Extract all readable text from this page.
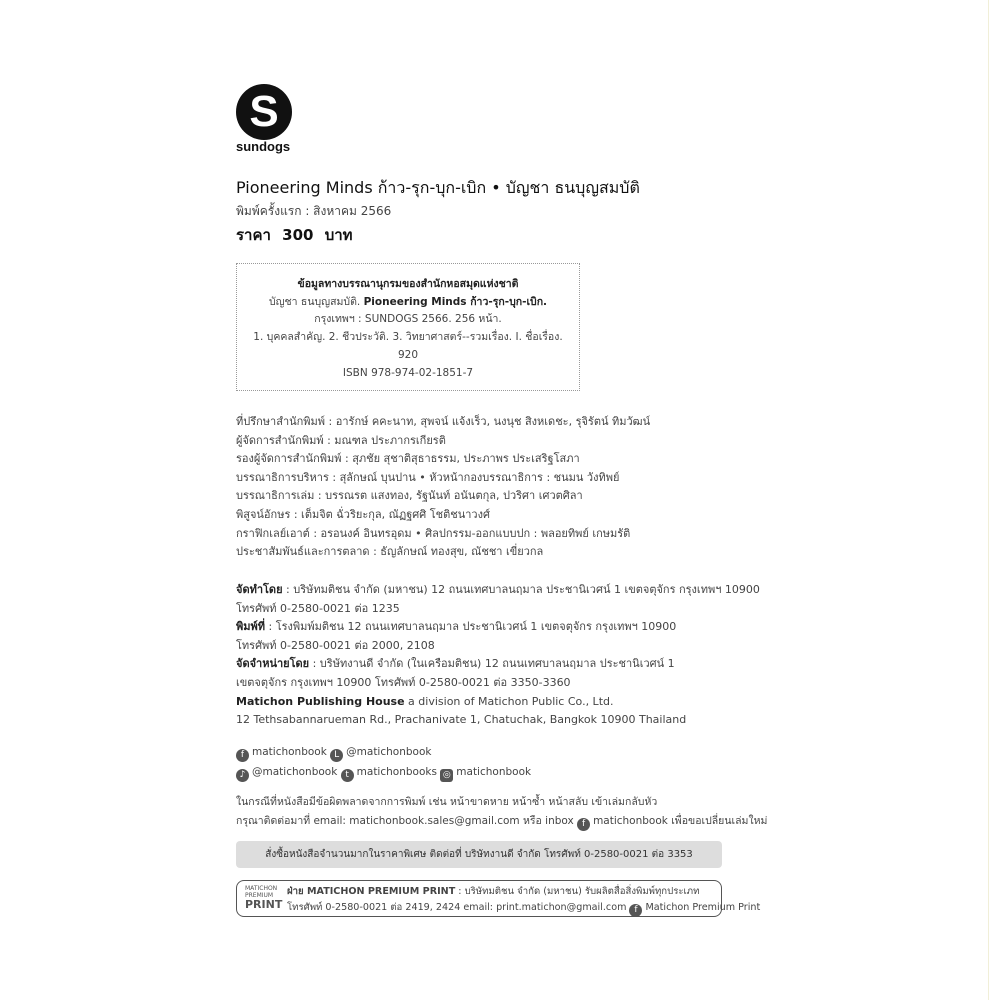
S
sundogs
Pioneering Minds ก้าว-รุก-บุก-เบิก • บัญชา ธนบุญสมบัติ
พิมพ์ครั้งแรก : สิงหาคม 2566
ราคา 300 บาท
ข้อมูลทางบรรณานุกรมของสำนักหอสมุดแห่งชาติ
บัญชา ธนบุญสมบัติ. Pioneering Minds ก้าว-รุก-บุก-เบิก.
กรุงเทพฯ : SUNDOGS 2566. 256 หน้า.
1. บุคคลสำคัญ. 2. ชีวประวัติ. 3. วิทยาศาสตร์--รวมเรื่อง. I. ชื่อเรื่อง.
920
ISBN 978-974-02-1851-7
ที่ปรึกษาสำนักพิมพ์ : อารักษ์ คคะนาท, สุพจน์ แจ้งเร็ว, นงนุช สิงหเดชะ, รุจิรัตน์ ทิมวัฒน์
ผู้จัดการสำนักพิมพ์ : มณฑล ประภากรเกียรติ
รองผู้จัดการสำนักพิมพ์ : สุภชัย สุชาติสุธาธรรม, ประภาพร ประเสริฐโสภา
บรรณาธิการบริหาร : สุลักษณ์ บุนปาน • หัวหน้ากองบรรณาธิการ : ชนมน วังทิพย์
บรรณาธิการเล่ม : บรรณรต แสงทอง, รัฐนันท์ อนันตกุล, ปวริศา เศวตศิลา
พิสูจน์อักษร : เต็มจิต ฉั่วริยะกุล, ณัฏฐศศิ โชติชนาวงศ์
กราฟิกเลย์เอาต์ : อรอนงค์ อินทรอุดม • ศิลปกรรม-ออกแบบปก : พลอยทิพย์ เกษมรัติ
ประชาสัมพันธ์และการตลาด : ธัญลักษณ์ ทองสุข, ณัชชา เขี่ยวกล
จัดทำโดย : บริษัทมติชน จำกัด (มหาชน) 12 ถนนเทศบาลนฤมาล ประชานิเวศน์ 1 เขตจตุจักร กรุงเทพฯ 10900
โทรศัพท์ 0-2580-0021 ต่อ 1235
พิมพ์ที่ : โรงพิมพ์มติชน 12 ถนนเทศบาลนฤมาล ประชานิเวศน์ 1 เขตจตุจักร กรุงเทพฯ 10900
โทรศัพท์ 0-2580-0021 ต่อ 2000, 2108
จัดจำหน่ายโดย : บริษัทงานดี จำกัด (ในเครือมติชน) 12 ถนนเทศบาลนฤมาล ประชานิเวศน์ 1
เขตจตุจักร กรุงเทพฯ 10900 โทรศัพท์ 0-2580-0021 ต่อ 3350-3360
Matichon Publishing House a division of Matichon Public Co., Ltd.
12 Tethsabannarueman Rd., Prachanivate 1, Chatuchak, Bangkok 10900 Thailand
f matichonbook L @matichonbook
♪ @matichonbook t matichonbooks ◎ matichonbook
ในกรณีที่หนังสือมีข้อผิดพลาดจากการพิมพ์ เช่น หน้าขาดหาย หน้าซ้ำ หน้าสลับ เข้าเล่มกลับหัว
กรุณาติดต่อมาที่ email: matichonbook.sales@gmail.com หรือ inbox f matichonbook เพื่อขอเปลี่ยนเล่มใหม่
สั่งซื้อหนังสือจำนวนมากในราคาพิเศษ ติดต่อที่ บริษัทงานดี จำกัด โทรศัพท์ 0-2580-0021 ต่อ 3353
MATICHON
PREMIUM
PRINT
ฝ่าย MATICHON PREMIUM PRINT : บริษัทมติชน จำกัด (มหาชน) รับผลิตสื่อสิ่งพิมพ์ทุกประเภท
โทรศัพท์ 0-2580-0021 ต่อ 2419, 2424 email: print.matichon@gmail.com f Matichon Premium Print
